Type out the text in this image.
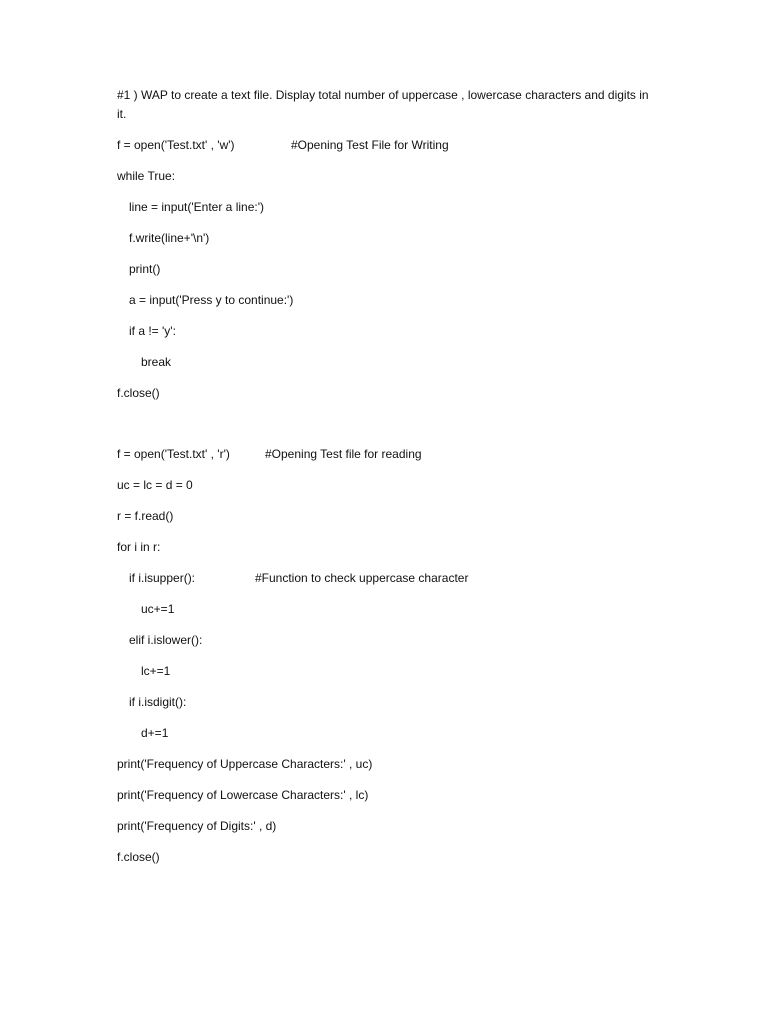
#1 ) WAP to create a text file. Display total number of uppercase , lowercase characters and digits in it.
f = open('Test.txt' , 'w')	#Opening Test File for Writing
while True:
line = input('Enter a line:')
f.write(line+'\n')
print()
a = input('Press y to continue:')
if a != 'y':
break
f.close()
f = open('Test.txt' , 'r')	#Opening Test file for reading
uc = lc = d = 0
r = f.read()
for i in r:
if i.isupper():	#Function to check uppercase character
uc+=1
elif i.islower():
lc+=1
if i.isdigit():
d+=1
print('Frequency of Uppercase Characters:' , uc)
print('Frequency of Lowercase Characters:' , lc)
print('Frequency of Digits:' , d)
f.close()
